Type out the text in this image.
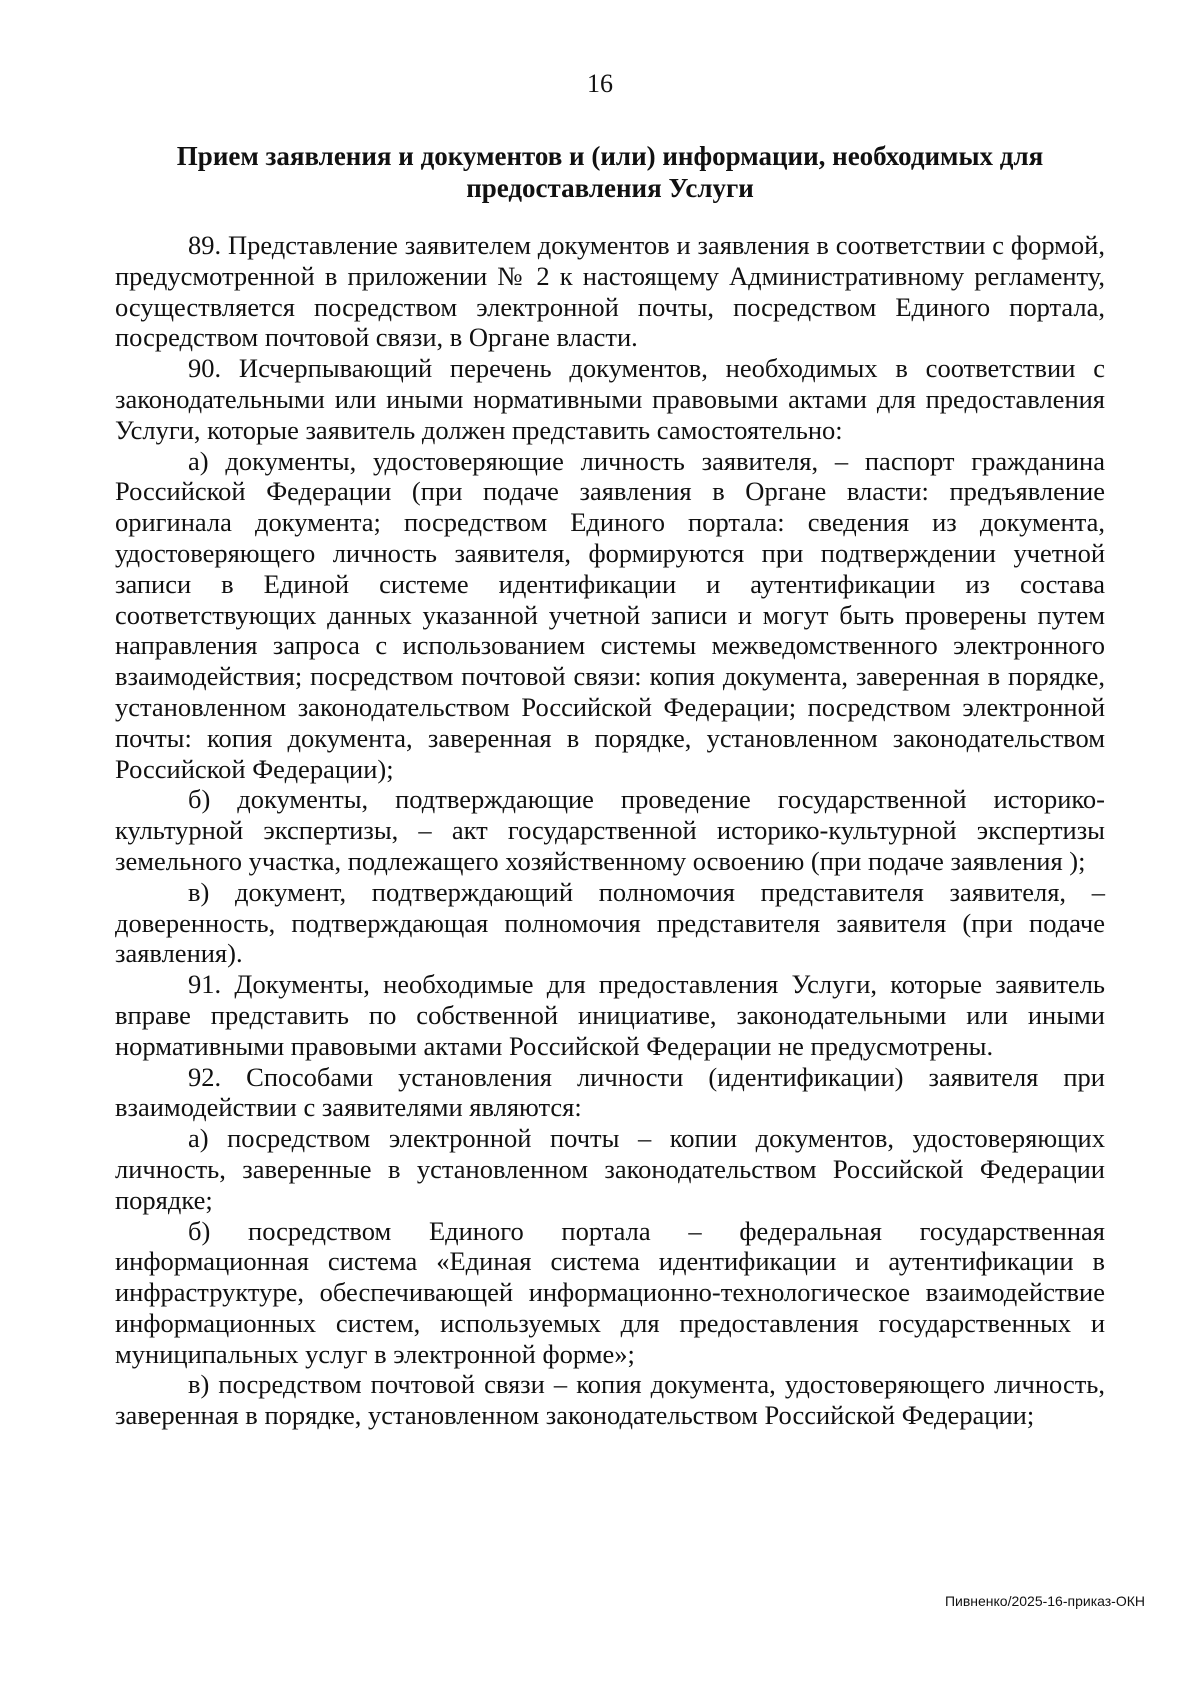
16
Прием заявления и документов и (или) информации, необходимых для предоставления Услуги

89. Представление заявителем документов и заявления в соответствии с формой, предусмотренной в приложении № 2 к настоящему Административному регламенту, осуществляется посредством электронной почты, посредством Единого портала, посредством почтовой связи, в Органе власти.

90. Исчерпывающий перечень документов, необходимых в соответствии с законодательными или иными нормативными правовыми актами для предоставления Услуги, которые заявитель должен представить самостоятельно:

а) документы, удостоверяющие личность заявителя, – паспорт гражданина Российской Федерации (при подаче заявления в Органе власти: предъявление оригинала документа; посредством Единого портала: сведения из документа, удостоверяющего личность заявителя, формируются при подтверждении учетной записи в Единой системе идентификации и аутентификации из состава соответствующих данных указанной учетной записи и могут быть проверены путем направления запроса с использованием системы межведомственного электронного взаимодействия; посредством почтовой связи: копия документа, заверенная в порядке, установленном законодательством Российской Федерации; посредством электронной почты: копия документа, заверенная в порядке, установленном законодательством Российской Федерации);

б) документы, подтверждающие проведение государственной историко-культурной экспертизы, – акт государственной историко-культурной экспертизы земельного участка, подлежащего хозяйственному освоению (при подаче заявления );

в) документ, подтверждающий полномочия представителя заявителя, – доверенность, подтверждающая полномочия представителя заявителя (при подаче заявления).

91. Документы, необходимые для предоставления Услуги, которые заявитель вправе представить по собственной инициативе, законодательными или иными нормативными правовыми актами Российской Федерации не предусмотрены.

92. Способами установления личности (идентификации) заявителя при взаимодействии с заявителями являются:

а) посредством электронной почты – копии документов, удостоверяющих личность, заверенные в установленном законодательством Российской Федерации порядке;

б) посредством Единого портала – федеральная государственная информационная система «Единая система идентификации и аутентификации в инфраструктуре, обеспечивающей информационно-технологическое взаимодействие информационных систем, используемых для предоставления государственных и муниципальных услуг в электронной форме»;

в) посредством почтовой связи – копия документа, удостоверяющего личность, заверенная в порядке, установленном законодательством Российской Федерации;

Пивненко/2025-16-приказ-ОКН
